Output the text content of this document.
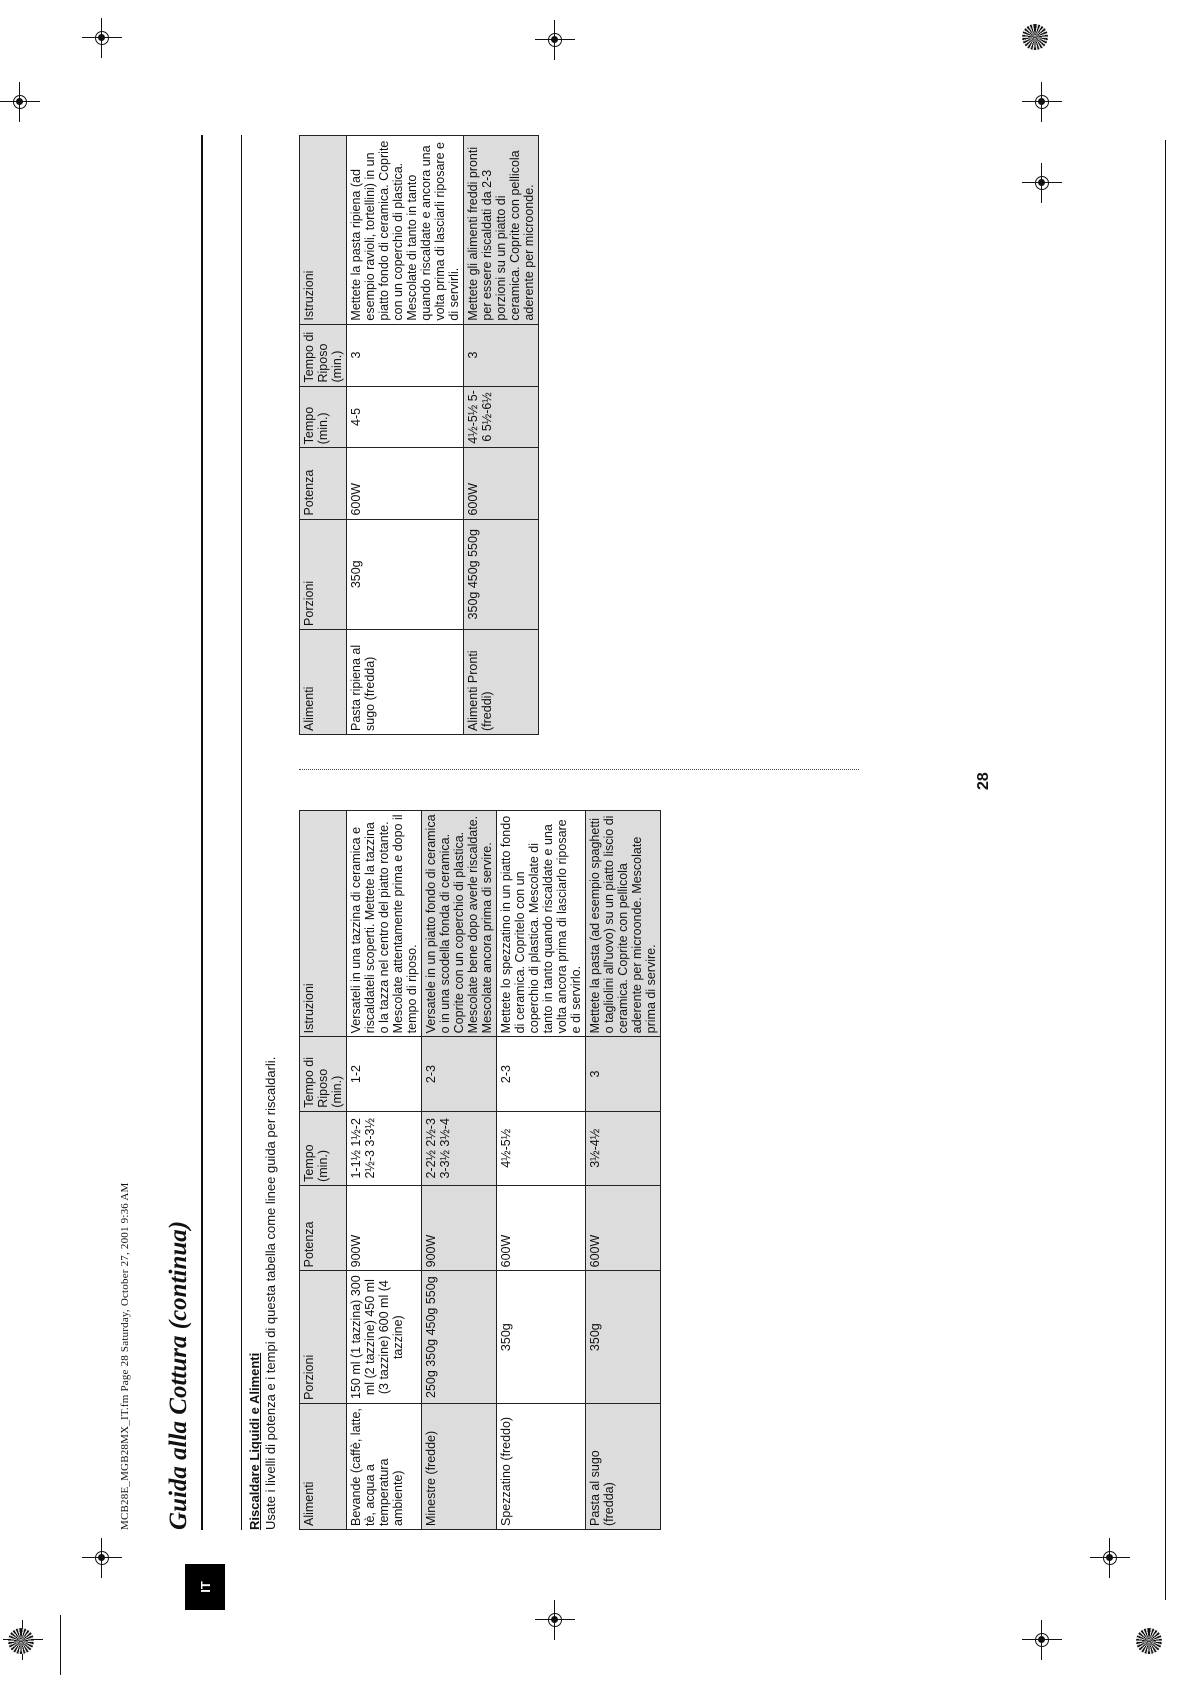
MCB28E_MGB28MX_IT.fm Page 28 Saturday, October 27, 2001 9:36 AM Guida alla Cottura (continua)
IT
Riscaldare Liquidi e Alimenti Usate i livelli di potenza e i tempi di questa tabella come linee guida per riscaldarli. Alimenti	Porzioni	Potenza	Tempo (min.)	Tempo di Riposo (min.)	Istruzioni
Bevande (caffè, latte, tè, acqua a temperatura ambiente)	150 ml (1 tazzina) 300 ml (2 tazzine) 450 ml (3 tazzine) 600 ml (4 tazzine)	900W	1-1½ 1½-2 2½-3 3-3½	1-2	Versateli in una tazzina di ceramica e riscaldateli scoperti. Mettete la tazzina o la tazza nel centro del piatto rotante. Mescolate attentamente prima e dopo il tempo di riposo.
Minestre (fredde)	250g 350g 450g 550g	900W	2-2½ 2½-3 3-3½ 3½-4	2-3	Versatele in un piatto fondo di ceramica o in una scodella fonda di ceramica. Coprite con un coperchio di plastica. Mescolate bene dopo averle riscaldate. Mescolate ancora prima di servire.
Spezzatino (freddo)	350g	600W	4½-5½	2-3	Mettete lo spezzatino in un piatto fondo di ceramica. Copritelo con un coperchio di plastica. Mescolate di tanto in tanto quando riscaldate e una volta ancora prima di lasciarlo riposare e di servirlo.
Pasta al sugo (fredda)	350g	600W	3½-4½	3	Mettete la pasta (ad esempio spaghetti o tagliolini all'uovo) su un piatto liscio di ceramica. Coprite con pellicola aderente per microonde. Mescolate prima di servire.
Alimenti	Porzioni	Potenza	Tempo (min.)	Tempo di Riposo (min.)	Istruzioni
Pasta ripiena al sugo (fredda)	350g	600W	4-5	3	Mettete la pasta ripiena (ad esempio ravioli, tortellini) in un piatto fondo di ceramica. Coprite con un coperchio di plastica. Mescolate di tanto in tanto quando riscaldate e ancora una volta prima di lasciarli riposare e di servirli.
Alimenti Pronti (freddi)	350g 450g 550g	600W	4½-5½ 5-6 5½-6½	3	Mettete gli alimenti freddi pronti per essere riscaldati da 2-3 porzioni su un piatto di ceramica. Coprite con pellicola aderente per microonde.
28
